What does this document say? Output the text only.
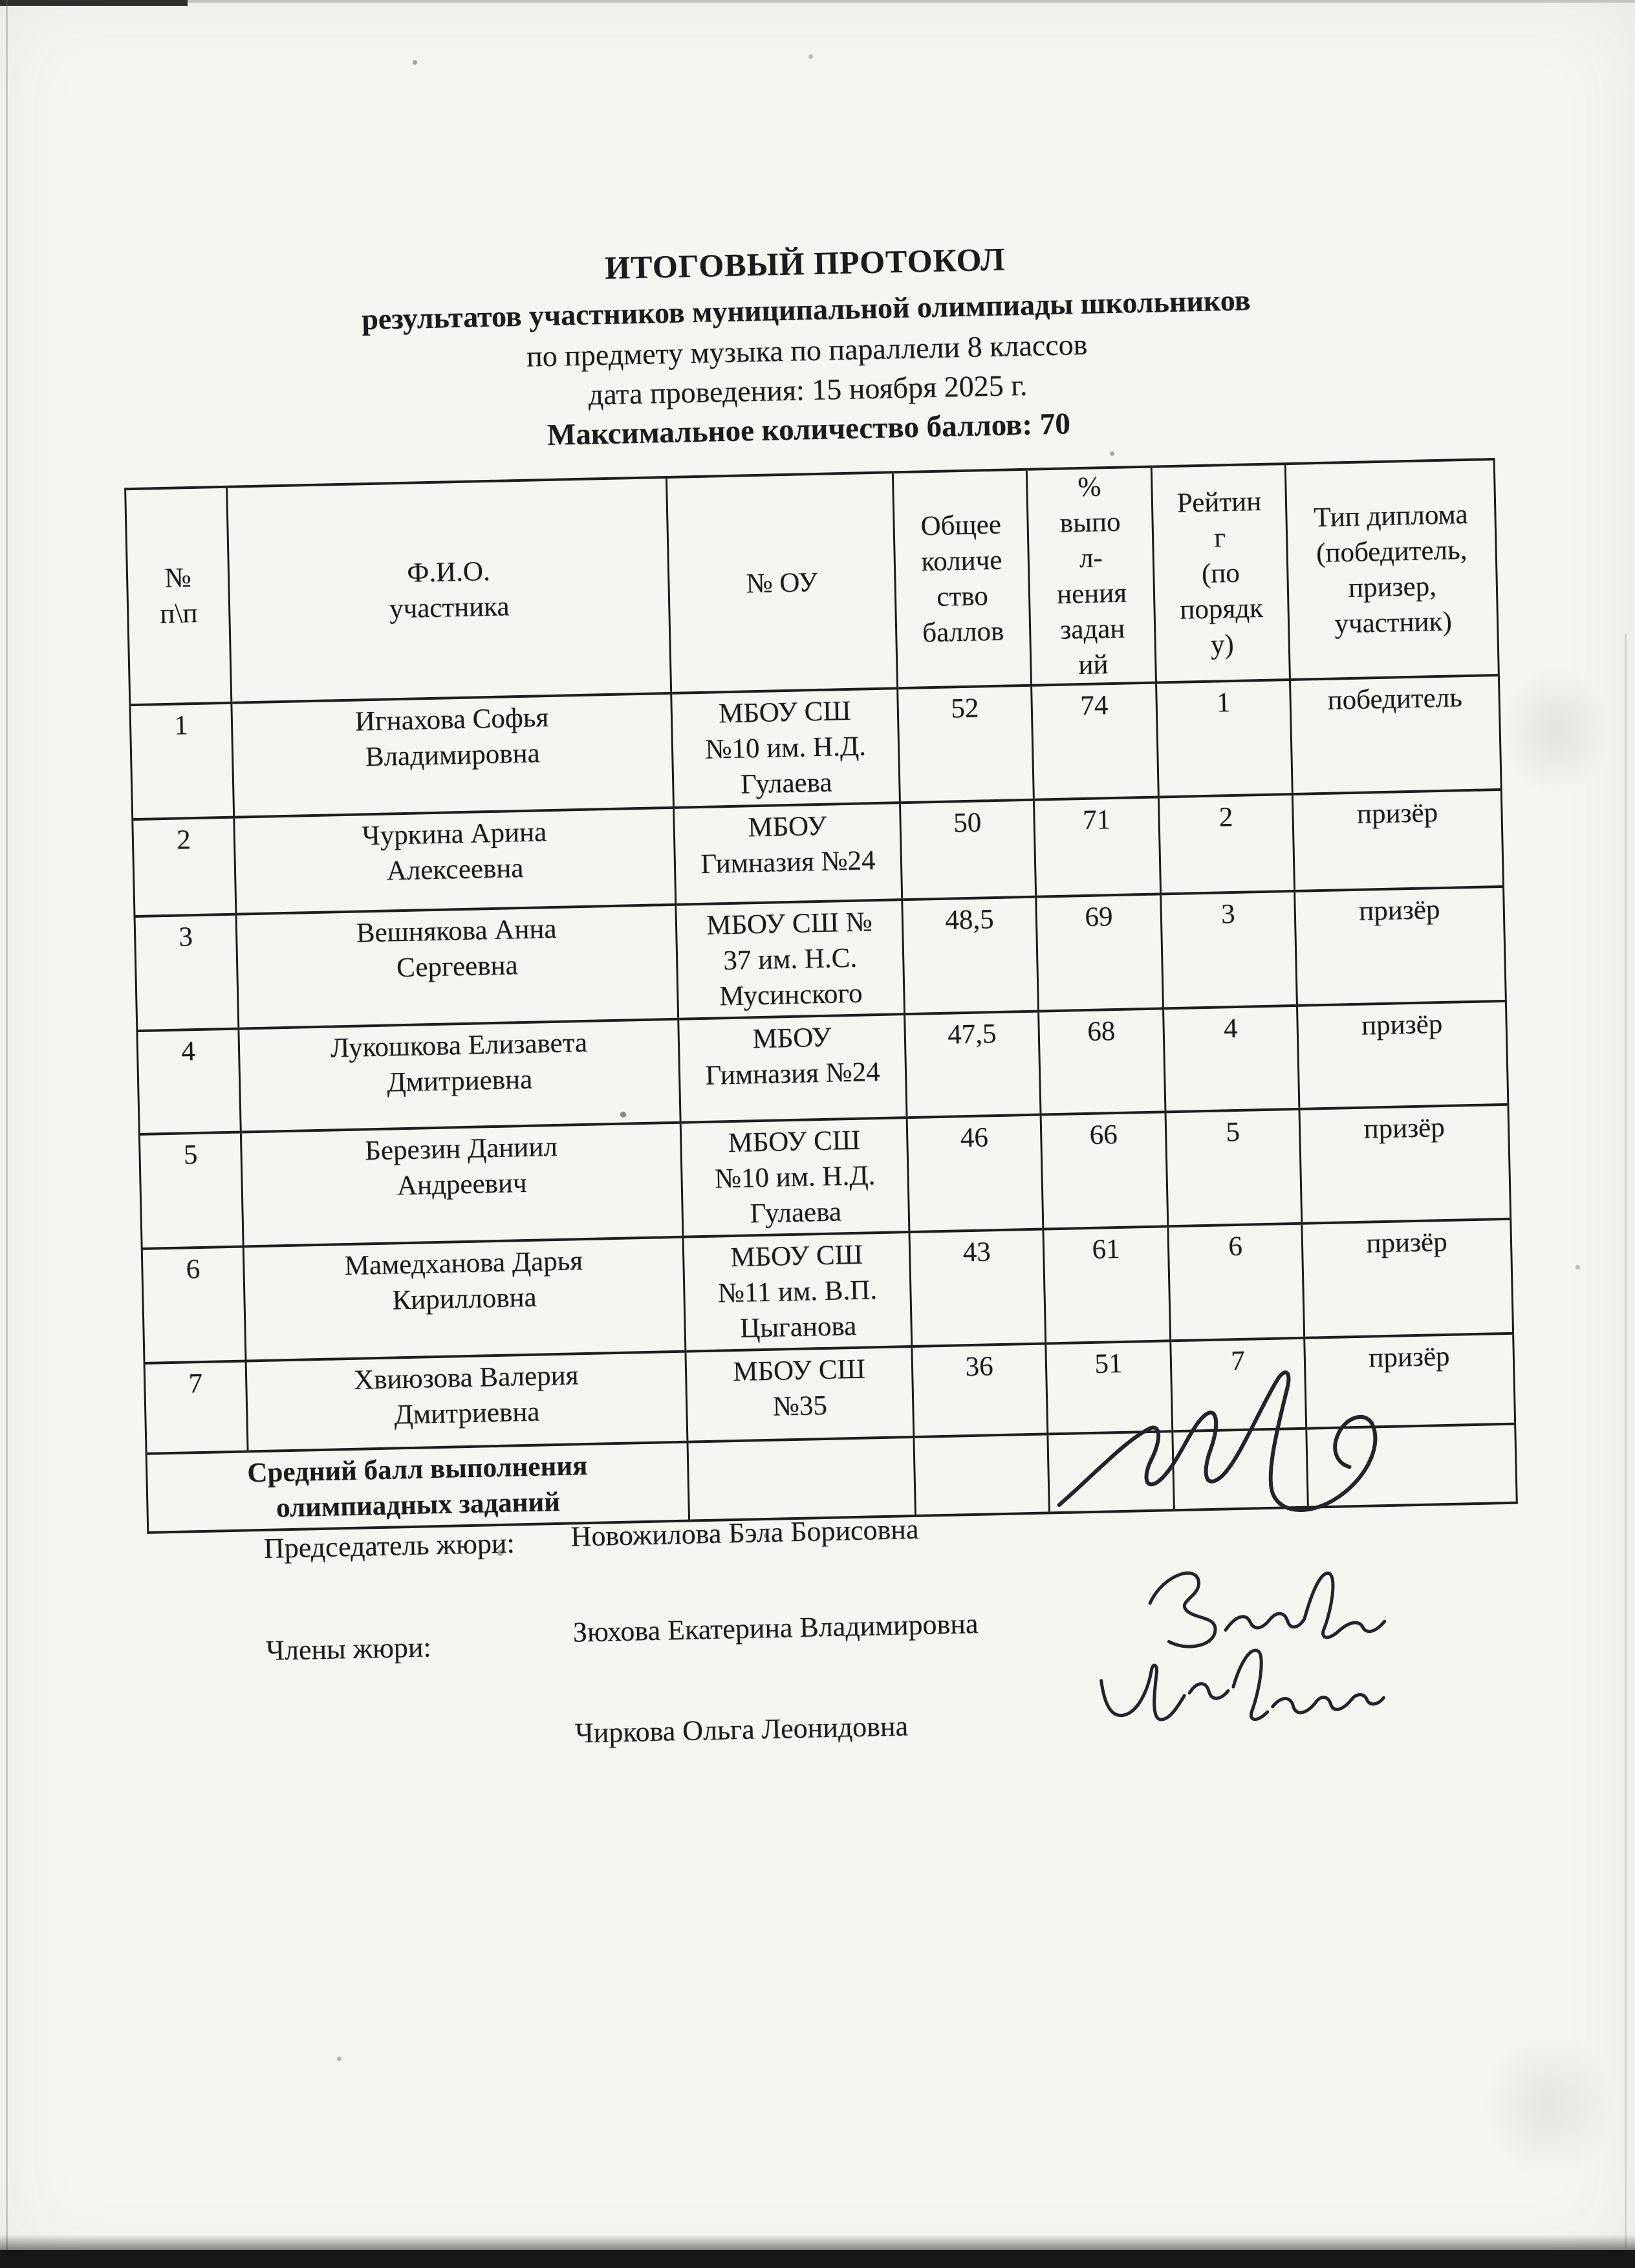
ИТОГОВЫЙ ПРОТОКОЛ
результатов участников муниципальной олимпиады школьников
по предмету музыка по параллели 8 классов
дата проведения: 15 ноября 2025 г.
Максимальное количество баллов: 70
№
п\п	Ф.И.О.
участника	№ ОУ	Общее
количе
ство
баллов	%
выпо
л-
нения
задан
ий	Рейтин
г
(по
порядк
у)	Тип диплома
(победитель,
призер,
участник)
1	Игнахова Софья
Владимировна	МБОУ СШ
№10 им. Н.Д.
Гулаева	52	74	1	победитель
2	Чуркина Арина
Алексеевна	МБОУ
Гимназия №24	50	71	2	призёр
3	Вешнякова Анна
Сергеевна	МБОУ СШ №
37 им. Н.С.
Мусинского	48,5	69	3	призёр
4	Лукошкова Елизавета
Дмитриевна	МБОУ
Гимназия №24	47,5	68	4	призёр
5	Березин Даниил
Андреевич	МБОУ СШ
№10 им. Н.Д.
Гулаева	46	66	5	призёр
6	Мамедханова Дарья
Кирилловна	МБОУ СШ
№11 им. В.П.
Цыганова	43	61	6	призёр
7	Хвиюзова Валерия
Дмитриевна	МБОУ СШ
№35	36	51	7	призёр
Средний балл выполнения
олимпиадных заданий						
Председатель жюри: Новожилова Бэла Борисовна
Члены жюри:
Зюхова Екатерина Владимировна
Чиркова Ольга Леонидовна
